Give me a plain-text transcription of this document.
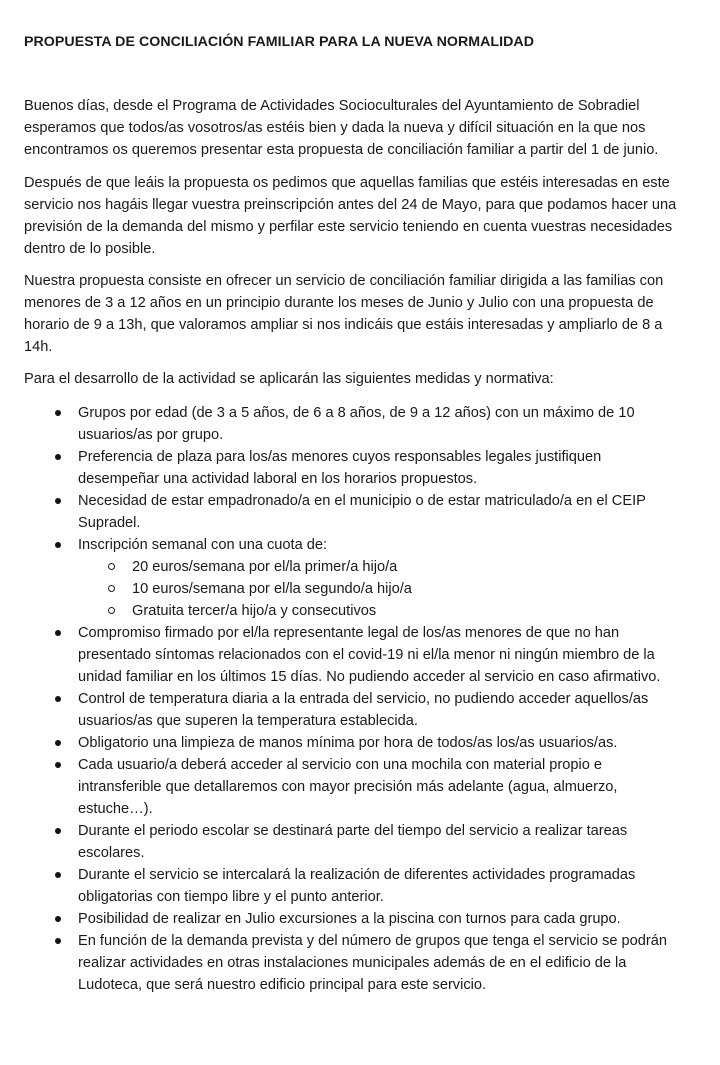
PROPUESTA DE CONCILIACIÓN FAMILIAR PARA LA NUEVA NORMALIDAD

Buenos días, desde el Programa de Actividades Socioculturales del Ayuntamiento de Sobradiel esperamos que todos/as vosotros/as estéis bien y dada la nueva y difícil situación en la que nos encontramos os queremos presentar esta propuesta de conciliación familiar a partir del 1 de junio.

Después de que leáis la propuesta os pedimos que aquellas familias que estéis interesadas en este servicio nos hagáis llegar vuestra preinscripción antes del 24 de Mayo, para que podamos hacer una previsión de la demanda del mismo y perfilar este servicio teniendo en cuenta vuestras necesidades dentro de lo posible.

Nuestra propuesta consiste en ofrecer un servicio de conciliación familiar dirigida a las familias con menores de 3 a 12 años en un principio durante los meses de Junio y Julio con una propuesta de horario de 9 a 13h, que valoramos ampliar si nos indicáis que estáis interesadas y ampliarlo de 8 a 14h.

Para el desarrollo de la actividad se aplicarán las siguientes medidas y normativa:

Grupos por edad (de 3 a 5 años, de 6 a 8 años, de 9 a 12 años) con un máximo de 10 usuarios/as por grupo.
Preferencia de plaza para los/as menores cuyos responsables legales justifiquen desempeñar una actividad laboral en los horarios propuestos.
Necesidad de estar empadronado/a en el municipio o de estar matriculado/a en el CEIP Supradel.
Inscripción semanal con una cuota de:
20 euros/semana por el/la primer/a hijo/a
10 euros/semana por el/la segundo/a hijo/a
Gratuita tercer/a hijo/a y consecutivos
Compromiso firmado por el/la representante legal de los/as menores de que no han presentado síntomas relacionados con el covid-19 ni el/la menor ni ningún miembro de la unidad familiar en los últimos 15 días. No pudiendo acceder al servicio en caso afirmativo.
Control de temperatura diaria a la entrada del servicio, no pudiendo acceder aquellos/as usuarios/as que superen la temperatura establecida.
Obligatorio una limpieza de manos mínima por hora de todos/as los/as usuarios/as.
Cada usuario/a deberá acceder al servicio con una mochila con material propio e intransferible que detallaremos con mayor precisión más adelante (agua, almuerzo, estuche…).
Durante el periodo escolar se destinará parte del tiempo del servicio a realizar tareas escolares.
Durante el servicio se intercalará la realización de diferentes actividades programadas obligatorias con tiempo libre y el punto anterior.
Posibilidad de realizar en Julio excursiones a la piscina con turnos para cada grupo.
En función de la demanda prevista y del número de grupos que tenga el servicio se podrán realizar actividades en otras instalaciones municipales además de en el edificio de la Ludoteca, que será nuestro edificio principal para este servicio.
